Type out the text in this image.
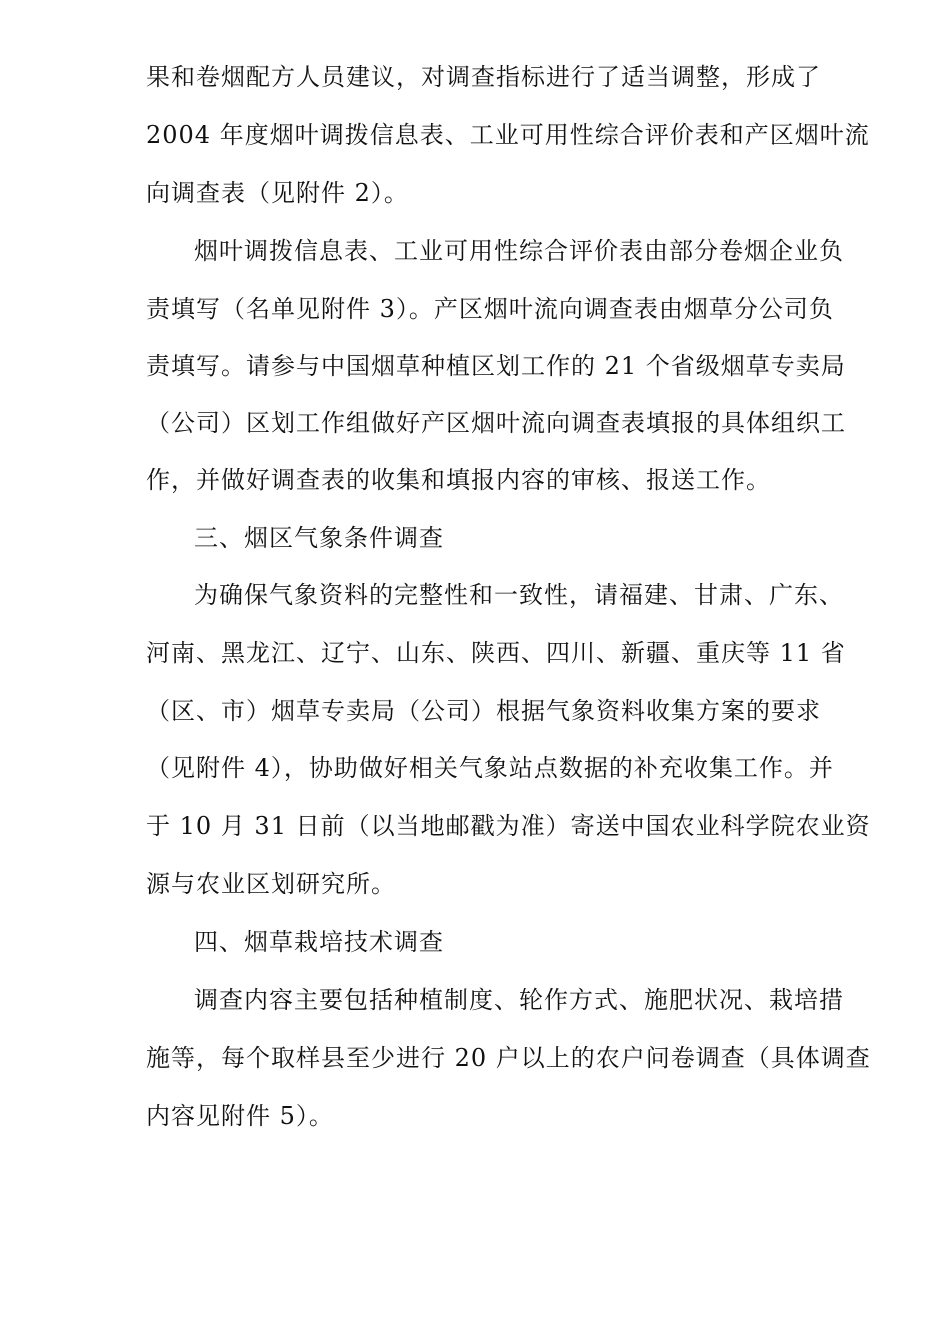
果和卷烟配方人员建议，对调查指标进行了适当调整，形成了

2004 年度烟叶调拨信息表、工业可用性综合评价表和产区烟叶流

向调查表（见附件 2）。

烟叶调拨信息表、工业可用性综合评价表由部分卷烟企业负

责填写（名单见附件 3）。产区烟叶流向调查表由烟草分公司负

责填写。请参与中国烟草种植区划工作的 21 个省级烟草专卖局

（公司）区划工作组做好产区烟叶流向调查表填报的具体组织工

作，并做好调查表的收集和填报内容的审核、报送工作。

三、烟区气象条件调查

为确保气象资料的完整性和一致性，请福建、甘肃、广东、

河南、黑龙江、辽宁、山东、陕西、四川、新疆、重庆等 11 省

（区、市）烟草专卖局（公司）根据气象资料收集方案的要求

（见附件 4），协助做好相关气象站点数据的补充收集工作。并

于 10 月 31 日前（以当地邮戳为准）寄送中国农业科学院农业资

源与农业区划研究所。

四、烟草栽培技术调查

调查内容主要包括种植制度、轮作方式、施肥状况、栽培措

施等，每个取样县至少进行 20 户以上的农户问卷调查（具体调查

内容见附件 5）。
